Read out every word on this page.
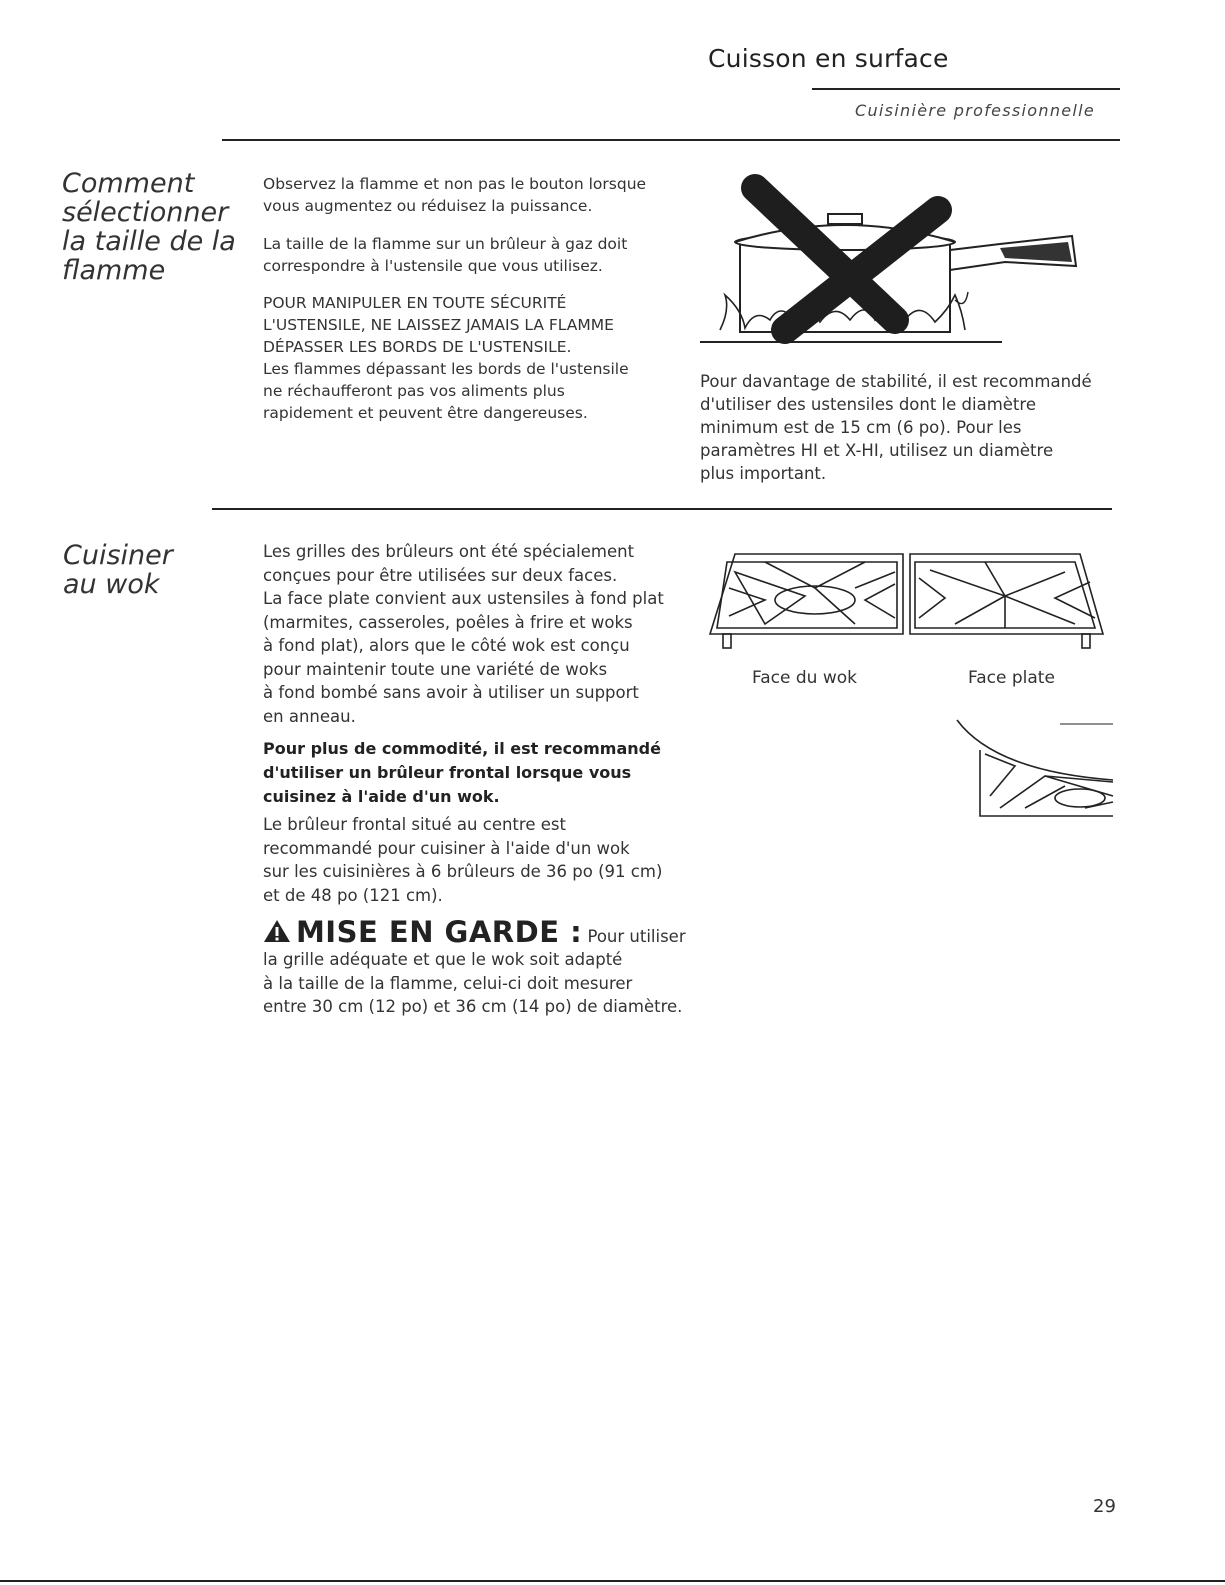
Cuisson en surface
Cuisinière professionnelle
Comment
sélectionner
la taille de la
flamme
Observez la flamme et non pas le bouton lorsque
vous augmentez ou réduisez la puissance.
La taille de la flamme sur un brûleur à gaz doit
correspondre à l'ustensile que vous utilisez.
POUR MANIPULER EN TOUTE SÉCURITÉ
L'USTENSILE, NE LAISSEZ JAMAIS LA FLAMME
DÉPASSER LES BORDS DE L'USTENSILE.
Les flammes dépassant les bords de l'ustensile
ne réchaufferont pas vos aliments plus
rapidement et peuvent être dangereuses.
Pour davantage de stabilité, il est recommandé
d'utiliser des ustensiles dont le diamètre
minimum est de 15 cm (6 po). Pour les
paramètres HI et X-HI, utilisez un diamètre
plus important.
Cuisiner
au wok
Les grilles des brûleurs ont été spécialement
conçues pour être utilisées sur deux faces.
La face plate convient aux ustensiles à fond plat
(marmites, casseroles, poêles à frire et woks
à fond plat), alors que le côté wok est conçu
pour maintenir toute une variété de woks
à fond bombé sans avoir à utiliser un support
en anneau.
Pour plus de commodité, il est recommandé
d'utiliser un brûleur frontal lorsque vous
cuisinez à l'aide d'un wok.
Le brûleur frontal situé au centre est
recommandé pour cuisiner à l'aide d'un wok
sur les cuisinières à 6 brûleurs de 36 po (91 cm)
et de 48 po (121 cm).
MISE EN GARDE : Pour utiliser
la grille adéquate et que le wok soit adapté
à la taille de la flamme, celui-ci doit mesurer
entre 30 cm (12 po) et 36 cm (14 po) de diamètre.
Face du wok	Face plate
29
